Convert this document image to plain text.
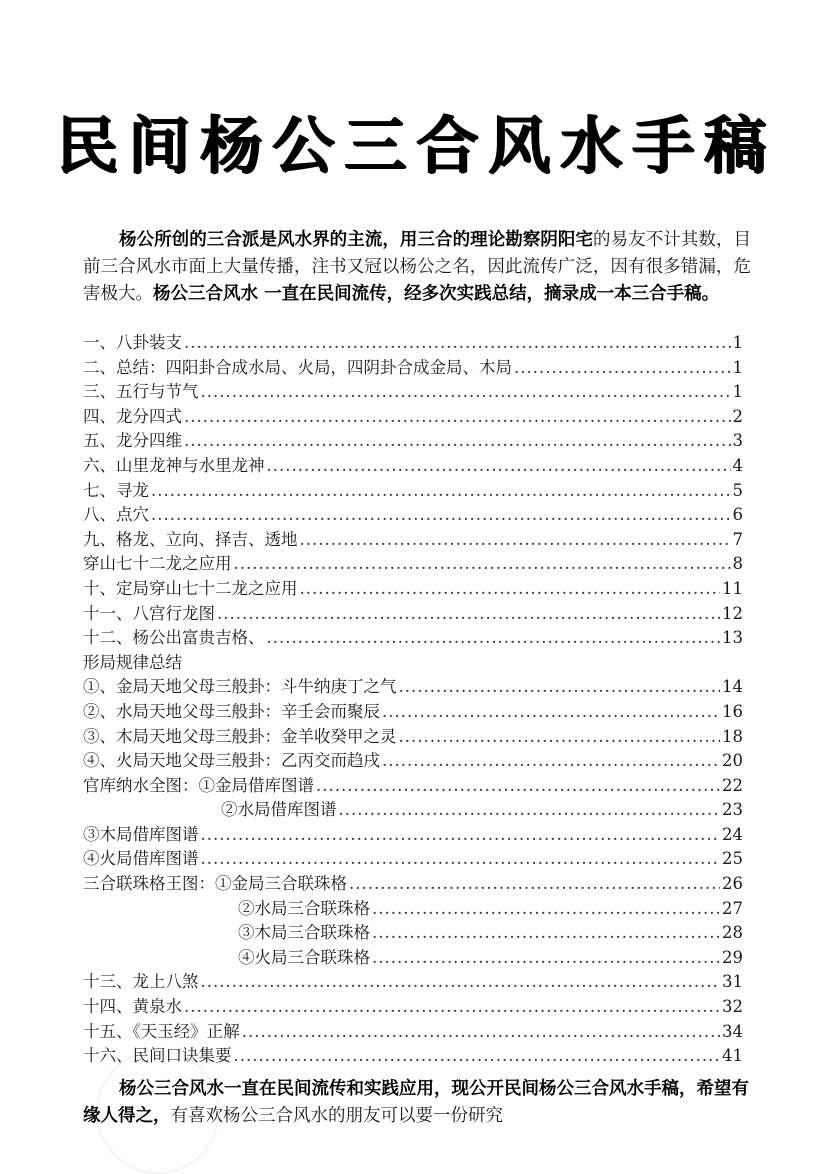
民间杨公三合风水手稿
杨公所创的三合派是风水界的主流，用三合的理论勘察阴阳宅的易友不计其数，目前三合风水市面上大量传播，注书又冠以杨公之名，因此流传广泛，因有很多错漏，危害极大。杨公三合风水 一直在民间流传，经多次实践总结，摘录成一本三合手稿。
一、八卦装支 .....	1
二、总结：四阳卦合成水局、火局，四阴卦合成金局、木局 .....	1
三、五行与节气 .....	1
四、龙分四式 .....	2
五、龙分四维 .....	3
六、山里龙神与水里龙神 .....	4
七、寻龙 .....	5
八、点穴 .....	6
九、格龙、立向、择吉、透地 .....	7
穿山七十二龙之应用 .....	8
十、定局穿山七十二龙之应用 .....	11
十一、八宫行龙图 .....	12
十二、杨公出富贵吉格、 .....	13
形局规律总结
①、金局天地父母三般卦：斗牛纳庚丁之气 .....	14
②、水局天地父母三般卦：辛壬会而聚辰 .....	16
③、木局天地父母三般卦：金羊收癸甲之灵 .....	18
④、火局天地父母三般卦：乙丙交而趋戌 .....	20
官库纳水全图：①金局借库图谱 .....	22
②水局借库图谱 .....	23
③木局借库图谱 .....	24
④火局借库图谱 .....	25
三合联珠格王图：①金局三合联珠格 .....	26
②水局三合联珠格 .....	27
③木局三合联珠格 .....	28
④火局三合联珠格 .....	29
十三、龙上八煞 .....	31
十四、黄泉水 .....	32
十五、《天玉经》正解 .....	34
十六、民间口诀集要 .....	41
杨公三合风水一直在民间流传和实践应用，现公开民间杨公三合风水手稿，希望有缘人得之，有喜欢杨公三合风水的朋友可以要一份研究
